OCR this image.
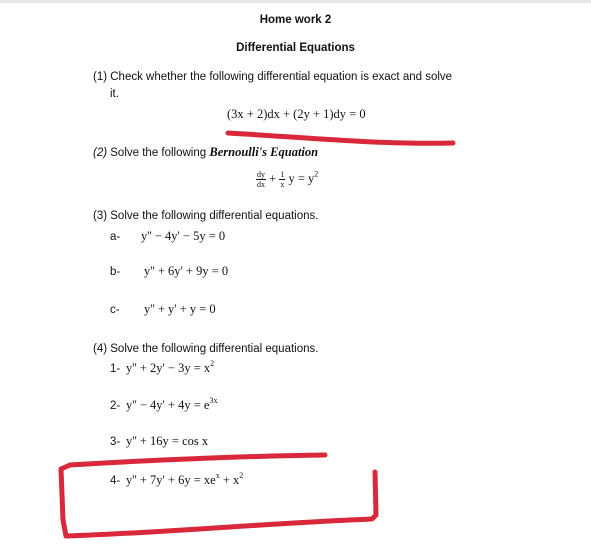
Home work 2
Differential Equations
(1) Check whether the following differential equation is exact and solve
it.
(3x + 2)dx + (2y + 1)dy = 0
(2) Solve the following Bernoulli's Equation
$\frac{dy}{dx} + \frac{1}{x}$ $y = y^2$
(3) Solve the following differential equations.
a- y'' − 4y' − 5y = 0
b- y'' + 6y' + 9y = 0
c- y'' + y' + y = 0
(4) Solve the following differential equations.
1- $y'' + 2y' - 3y = x^2$
2- $y'' - 4y' + 4y = e^{3x}$
3- y'' + 16y = cos x
4- $y'' + 7y' + 6y = xe^x + x^2$
